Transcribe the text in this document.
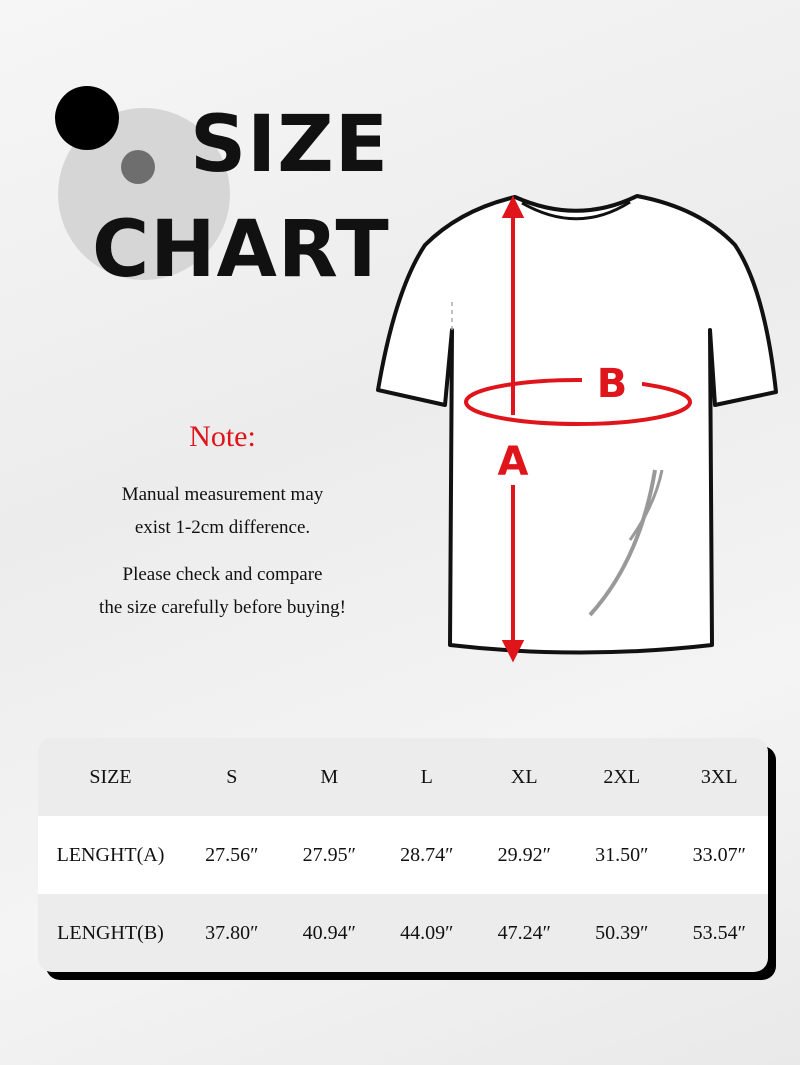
SIZE
CHART
Note:
Manual measurement may
exist 1-2cm difference.
Please check and compare
the size carefully before buying!
B
A
SIZE	S	M	L	XL	2XL	3XL
LENGHT(A)	27.56″	27.95″	28.74″	29.92″	31.50″	33.07″
LENGHT(B)	37.80″	40.94″	44.09″	47.24″	50.39″	53.54″
